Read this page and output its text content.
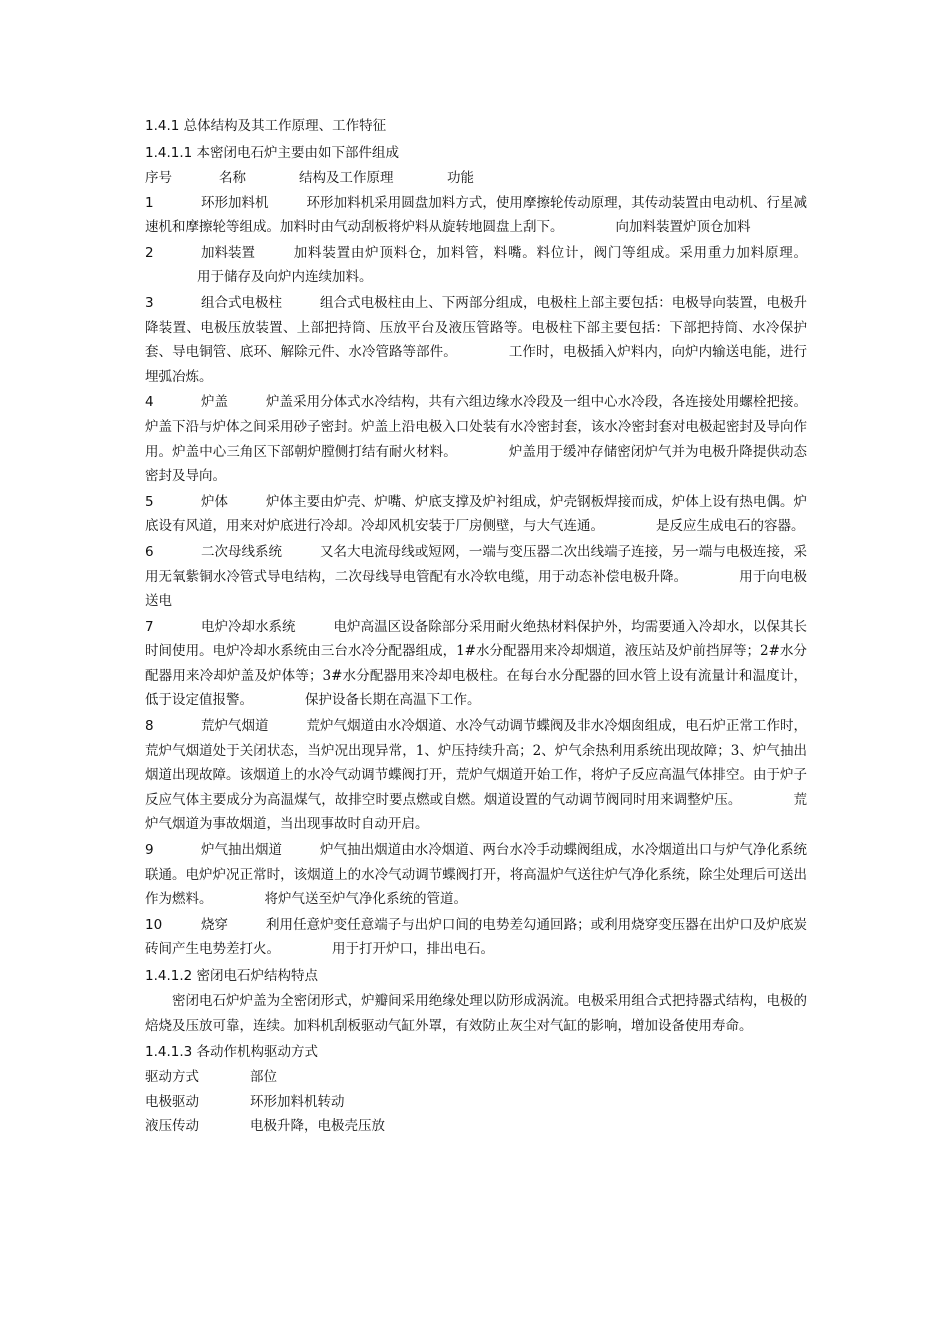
1.4.1 总体结构及其工作原理、工作特征
1.4.1.1 本密闭电石炉主要由如下部件组成
序号	名称	结构及工作原理	功能
1	环形加料机	环形加料机采用圆盘加料方式，使用摩擦轮传动原理，其传动装置由电动机、行星减速机和摩擦轮等组成。加料时由气动刮板将炉料从旋转地圆盘上刮下。	向加料装置炉顶仓加料
2	加料装置	加料装置由炉顶料仓，加料管，料嘴。料位计，阀门等组成。采用重力加料原理。用于储存及向炉内连续加料。
3	组合式电极柱	组合式电极柱由上、下两部分组成，电极柱上部主要包括：电极导向装置，电极升降装置、电极压放装置、上部把持筒、压放平台及液压管路等。电极柱下部主要包括：下部把持筒、水冷保护套、导电铜管、底环、解除元件、水冷管路等部件。	工作时，电极插入炉料内，向炉内输送电能，进行埋弧冶炼。
4	炉盖	炉盖采用分体式水冷结构，共有六组边缘水冷段及一组中心水冷段，各连接处用螺栓把接。炉盖下沿与炉体之间采用砂子密封。炉盖上沿电极入口处装有水冷密封套，该水冷密封套对电极起密封及导向作用。炉盖中心三角区下部朝炉膛侧打结有耐火材料。	炉盖用于缓冲存储密闭炉气并为电极升降提供动态密封及导向。
5	炉体	炉体主要由炉壳、炉嘴、炉底支撑及炉衬组成，炉壳钢板焊接而成，炉体上设有热电偶。炉底设有风道，用来对炉底进行冷却。冷却风机安装于厂房侧壁，与大气连通。	是反应生成电石的容器。
6	二次母线系统	又名大电流母线或短网，一端与变压器二次出线端子连接，另一端与电极连接，采用无氧紫铜水冷管式导电结构，二次母线导电管配有水冷软电缆，用于动态补偿电极升降。	用于向电极送电
7	电炉冷却水系统	电炉高温区设备除部分采用耐火绝热材料保护外，均需要通入冷却水，以保其长时间使用。电炉冷却水系统由三台水冷分配器组成，1#水分配器用来冷却烟道，液压站及炉前挡屏等；2#水分配器用来冷却炉盖及炉体等；3#水分配器用来冷却电极柱。在每台水分配器的回水管上设有流量计和温度计，低于设定值报警。	保护设备长期在高温下工作。
8	荒炉气烟道	荒炉气烟道由水冷烟道、水冷气动调节蝶阀及非水冷烟囱组成，电石炉正常工作时，荒炉气烟道处于关闭状态，当炉况出现异常，1、炉压持续升高；2、炉气余热利用系统出现故障；3、炉气抽出烟道出现故障。该烟道上的水冷气动调节蝶阀打开，荒炉气烟道开始工作，将炉子反应高温气体排空。由于炉子反应气体主要成分为高温煤气，故排空时要点燃或自燃。烟道设置的气动调节阀同时用来调整炉压。	荒炉气烟道为事故烟道，当出现事故时自动开启。
9	炉气抽出烟道	炉气抽出烟道由水冷烟道、两台水冷手动蝶阀组成，水冷烟道出口与炉气净化系统联通。电炉炉况正常时，该烟道上的水冷气动调节蝶阀打开，将高温炉气送往炉气净化系统，除尘处理后可送出作为燃料。	将炉气送至炉气净化系统的管道。
10	烧穿	利用任意炉变任意端子与出炉口间的电势差勾通回路；或利用烧穿变压器在出炉口及炉底炭砖间产生电势差打火。	用于打开炉口，排出电石。
1.4.1.2 密闭电石炉结构特点
密闭电石炉炉盖为全密闭形式，炉瓣间采用绝缘处理以防形成涡流。电极采用组合式把持器式结构，电极的焙烧及压放可靠，连续。加料机刮板驱动气缸外罩，有效防止灰尘对气缸的影响，增加设备使用寿命。
1.4.1.3 各动作机构驱动方式
驱动方式	部位
电极驱动	环形加料机转动
液压传动	电极升降，电极壳压放
